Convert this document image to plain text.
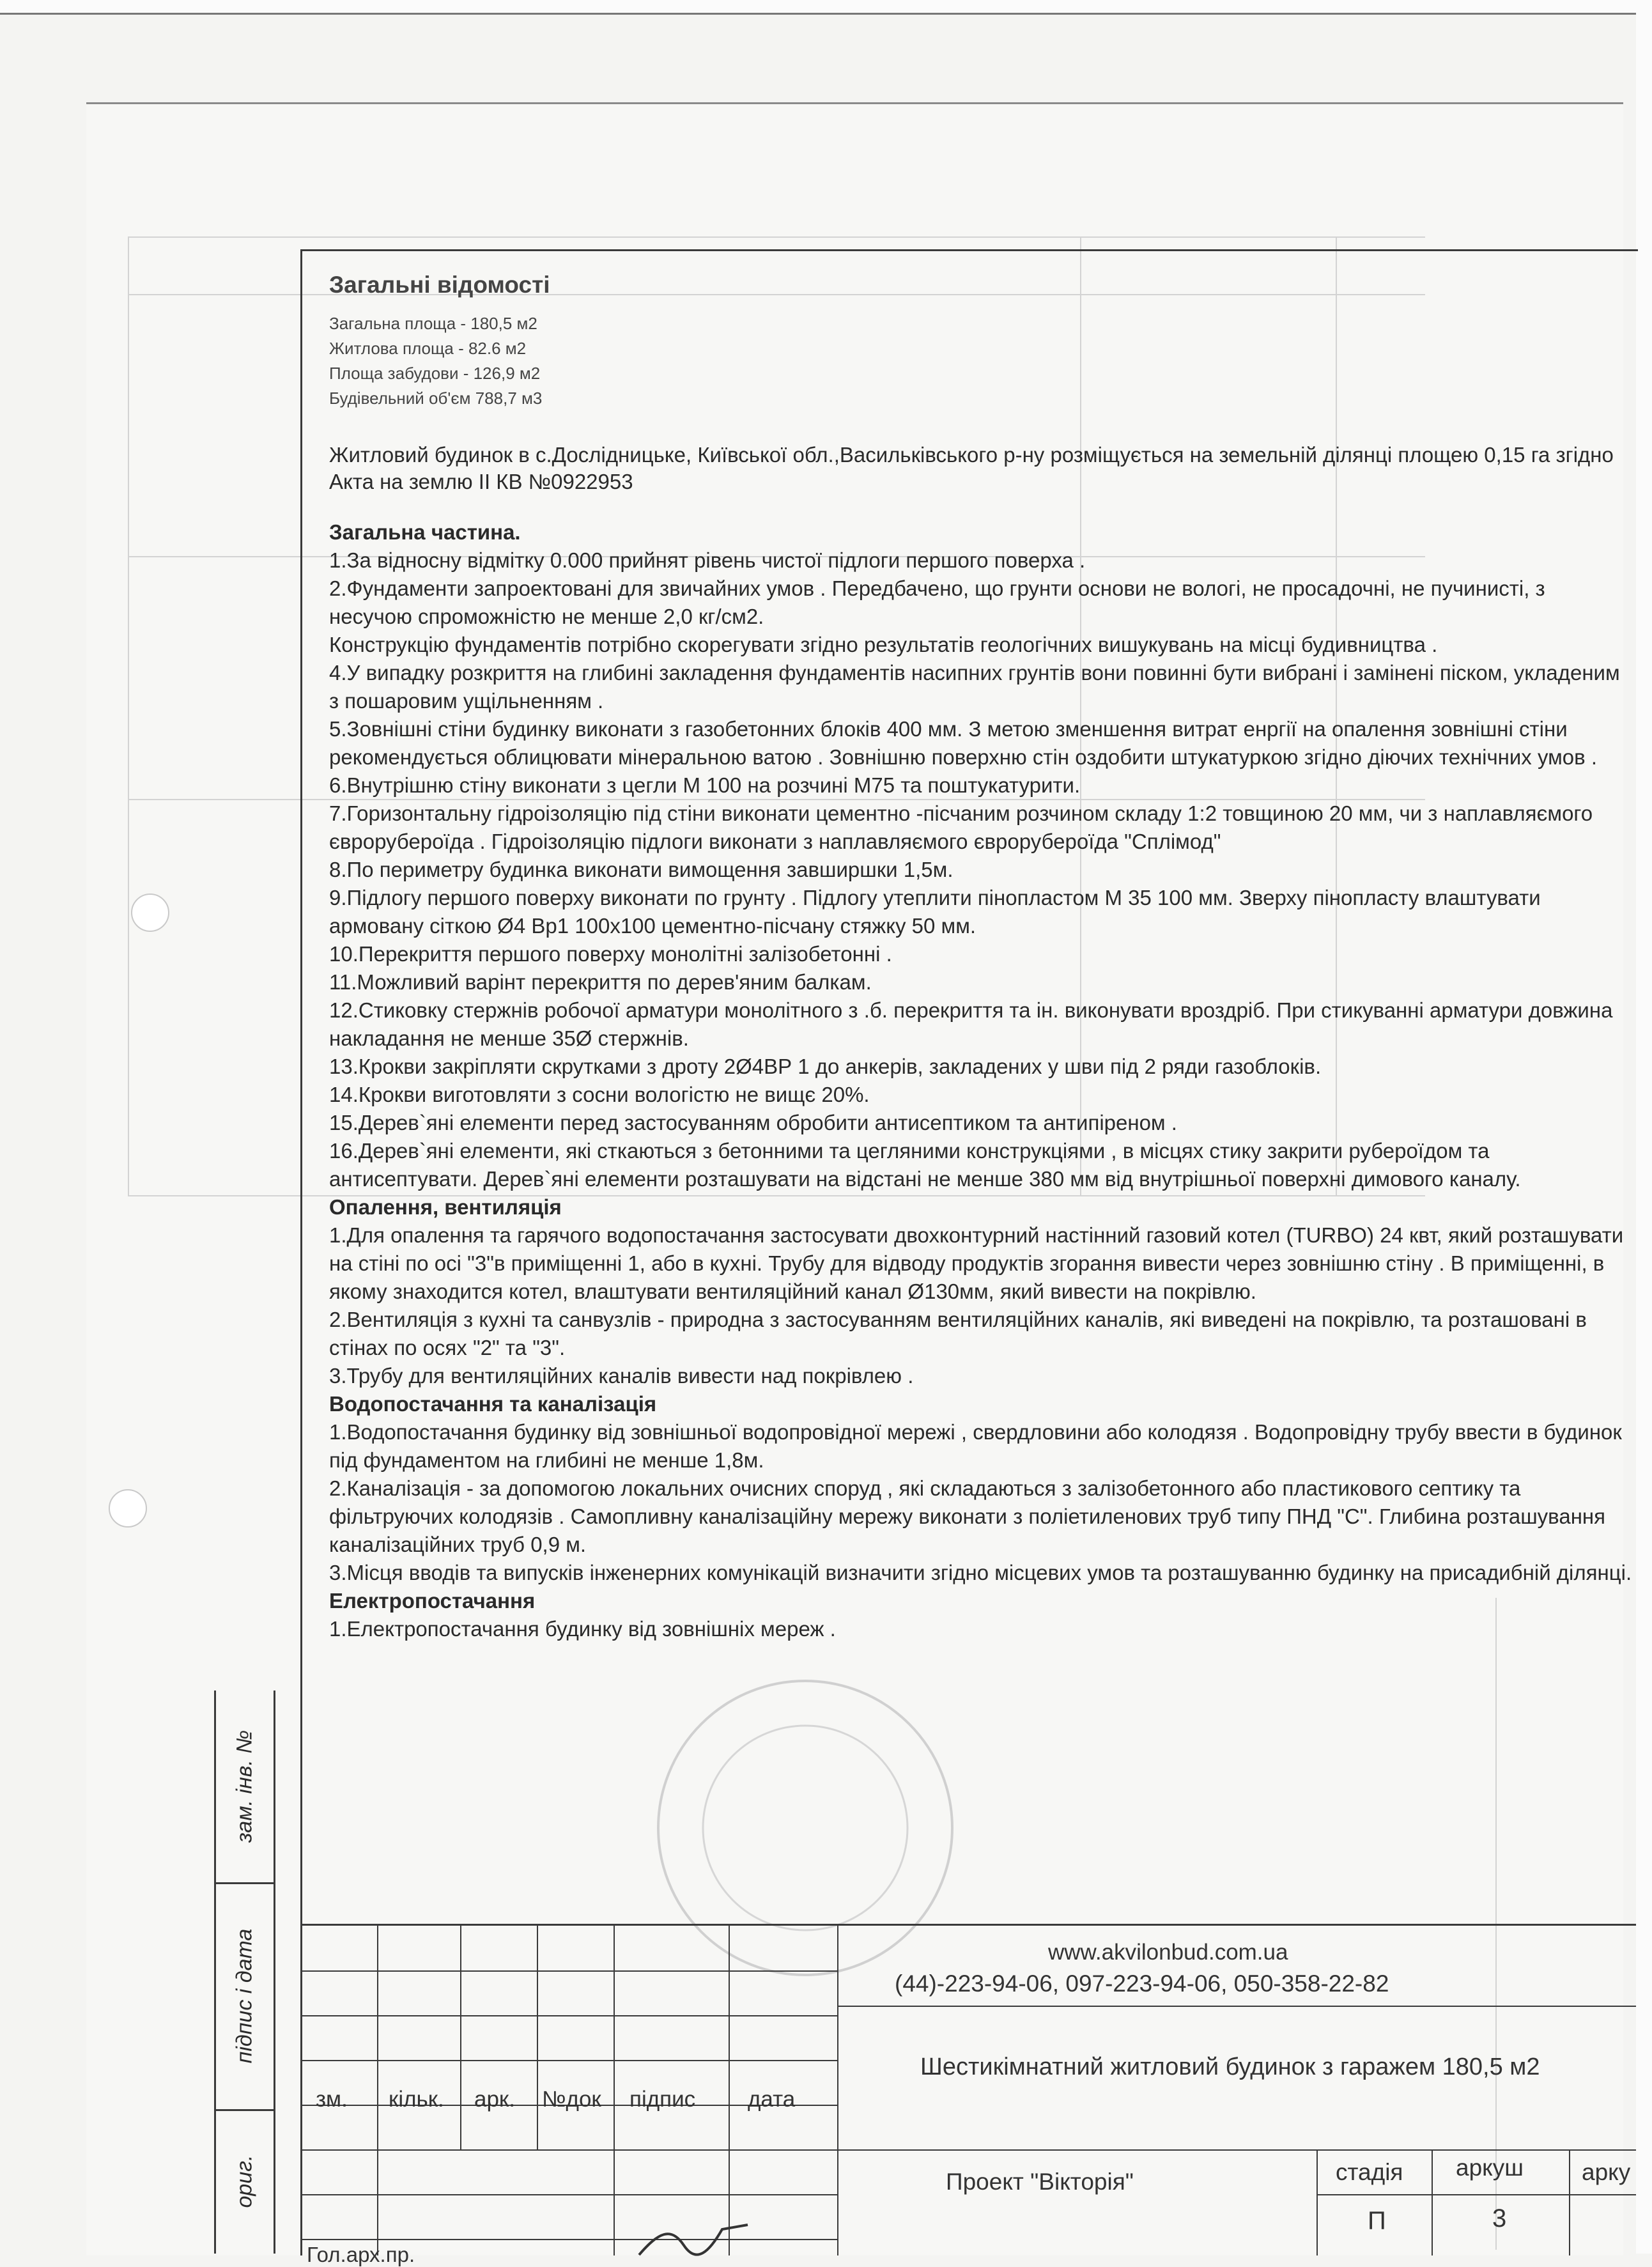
Загальні відомості
Загальна площа - 180,5 м2
Житлова площа - 82.6 м2
Площа забудови - 126,9 м2
Будівельний об'єм 788,7 м3
Житловий будинок в с.Дослідницьке, Київської обл.,Васильківського р-ну розміщується на земельній ділянці площею 0,15 га згідно Акта на землю ІІ КВ №0922953
Загальна частина.
1.За відносну відмітку 0.000 прийнят рівень чистої підлоги першого поверха .
2.Фундаменти запроектовані для звичайних умов . Передбачено, що грунти основи не вологі, не просадочні, не пучинисті, з несучою спроможністю не менше 2,0 кг/см2.
Конструкцію фундаментів потрібно скорегувати згідно результатів геологічних вишукувань на місці будивництва .
4.У випадку розкриття на глибині закладення фундаментів насипних грунтів вони повинні бути вибрані і замінені піском, укладеним з пошаровим ущільненням .
5.Зовнішні стіни будинку виконати з газобетонних блоків 400 мм. З метою зменшення витрат енргії на опалення зовнішні стіни рекомендується облицювати мінеральною ватою . Зовнішню поверхню стін оздобити штукатуркою згідно діючих технічних умов .
6.Внутрішню стіну виконати з цегли М 100 на розчині М75 та поштукатурити.
7.Горизонтальну гідроізоляцію під стіни виконати цементно -пісчаним розчином складу 1:2 товщиною 20 мм, чи з наплавляємого єврорубероїда . Гідроізоляцію підлоги виконати з наплавляємого єврорубероїда "Сплімод"
8.По периметру будинка виконати вимощення завширшки 1,5м.
9.Підлогу першого поверху виконати по грунту . Підлогу утеплити пінопластом М 35 100 мм. Зверху пінопласту влаштувати армовану сіткою Ø4 Вр1 100х100 цементно-пісчану стяжку 50 мм.
10.Перекриття першого поверху монолітні залізобетонні .
11.Можливий варінт перекриття по дерев'яним балкам.
12.Стиковку стержнів робочої арматури монолітного з .б. перекриття та ін. виконувати вроздріб. При стикуванні арматури довжина накладання не менше 35Ø стержнів.
13.Крокви закріпляти скрутками з дроту 2Ø4ВР 1 до анкерів, закладених у шви під 2 ряди газоблоків.
14.Крокви виготовляти з сосни вологістю не вищє 20%.
15.Дерев`яні елементи перед застосуванням обробити антисептиком та антипіреном .
16.Дерев`яні елементи, які сткаються з бетонними та цегляними конструкціями , в місцях стику закрити рубероїдом та антисептувати. Дерев`яні елементи розташувати на відстані не менше 380 мм від внутрішньої поверхні димового каналу.
Опалення, вентиляція
1.Для опалення та гарячого водопостачання застосувати двохконтурний настінний газовий котел (TURBO) 24 квт, який розташувати на стіні по осі "3"в приміщенні 1, або в кухні. Трубу для відводу продуктів згорання вивести через зовнішню стіну . В приміщенні, в якому знаходится котел, влаштувати вентиляційний канал Ø130мм, який вивести на покрівлю.
2.Вентиляція з кухні та санвузлів - природна з застосуванням вентиляційних каналів, які виведені на покрівлю, та розташовані в стінах по осях "2" та "3".
3.Трубу для вентиляційних каналів вивести над покрівлею .
Водопостачання та каналізація
1.Водопостачання будинку від зовнішньої водопровідної мережі , свердловини або колодязя . Водопровідну трубу ввести в будинок під фундаментом на глибині не менше 1,8м.
2.Каналізація - за допомогою локальних очисних споруд , які складаються з залізобетонного або пластикового септику та фільтруючих колодязів . Самопливну каналізаційну мережу виконати з поліетиленових труб типу ПНД "С". Глибина розташування каналізаційних труб 0,9 м.
3.Місця вводів та випусків інженерних комунікацій визначити згідно місцевих умов та розташуванню будинку на присадибній ділянці.
Електропостачання
1.Електропостачання будинку від зовнішніх мереж .
зам. інв. №
підпис і дата
ориг.
зм. кільк. арк. №док підпис дата
www.akvilonbud.com.ua
(44)-223-94-06, 097-223-94-06, 050-358-22-82
Шестикімнатний житловий будинок з гаражем 180,5 м2
Проект "Вікторія"	стадія аркуш арку
П	3
Гол.арх.пр.
